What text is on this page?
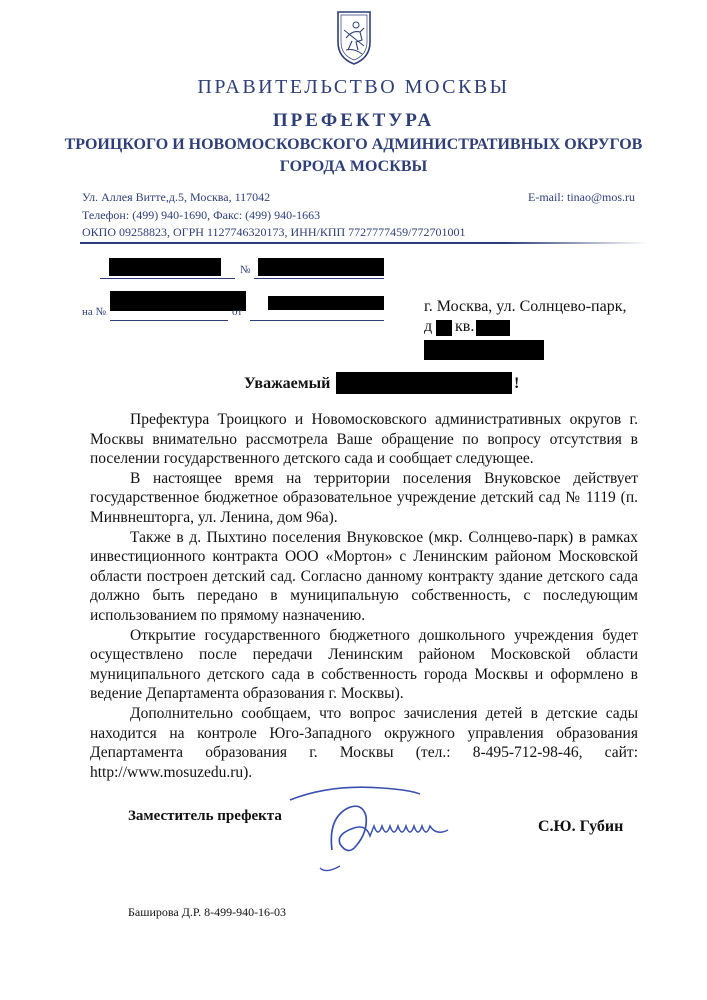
ПРАВИТЕЛЬСТВО МОСКВЫ
ПРЕФЕКТУРА
ТРОИЦКОГО И НОВОМОСКОВСКОГО АДМИНИСТРАТИВНЫХ ОКРУГОВ
ГОРОДА МОСКВЫ
Ул. Аллея Витте,д.5, Москва, 117042	E-mail: tinao@mos.ru
Телефон: (499) 940-1690, Факс: (499) 940-1663
ОКПО 09258823, ОГРН 1127746320173, ИНН/КПП 7727777459/772701001
№
на №	от	г. Москва, ул. Солнцево-парк,
д кв.
Уважаемый	!

Префектура Троицкого и Новомосковского административных округов г. Москвы внимательно рассмотрела Ваше обращение по вопросу отсутствия в поселении государственного детского сада и сообщает следующее.

В настоящее время на территории поселения Внуковское действует государственное бюджетное образовательное учреждение детский сад № 1119 (п. Минвнешторга, ул. Ленина, дом 96а).

Также в д. Пыхтино поселения Внуковское (мкр. Солнцево-парк) в рамках инвестиционного контракта ООО «Мортон» с Ленинским районом Московской области построен детский сад. Согласно данному контракту здание детского сада должно быть передано в муниципальную собственность, с последующим использованием по прямому назначению.

Открытие государственного бюджетного дошкольного учреждения будет осуществлено после передачи Ленинским районом Московской области муниципального детского сада в собственность города Москвы и оформлено в ведение Департамента образования г. Москвы).

Дополнительно сообщаем, что вопрос зачисления детей в детские сады находится на контроле Юго-Западного окружного управления образования Департамента образования г. Москвы (тел.: 8-495-712-98-46, сайт: http://www.mosuzedu.ru).

Заместитель префекта
С.Ю. Губин
Баширова Д.Р. 8-499-940-16-03
